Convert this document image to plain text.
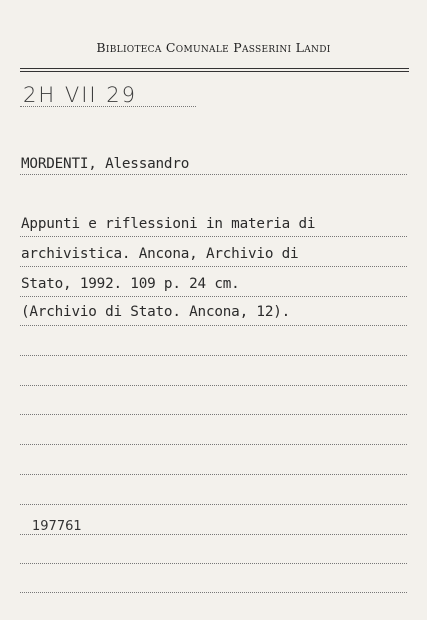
Biblioteca Comunale Passerini Landi
2H VII 29
MORDENTI, Alessandro
Appunti e riflessioni in materia di
archivistica. Ancona, Archivio di
Stato, 1992. 109 p. 24 cm.
(Archivio di Stato. Ancona, 12).
197761
